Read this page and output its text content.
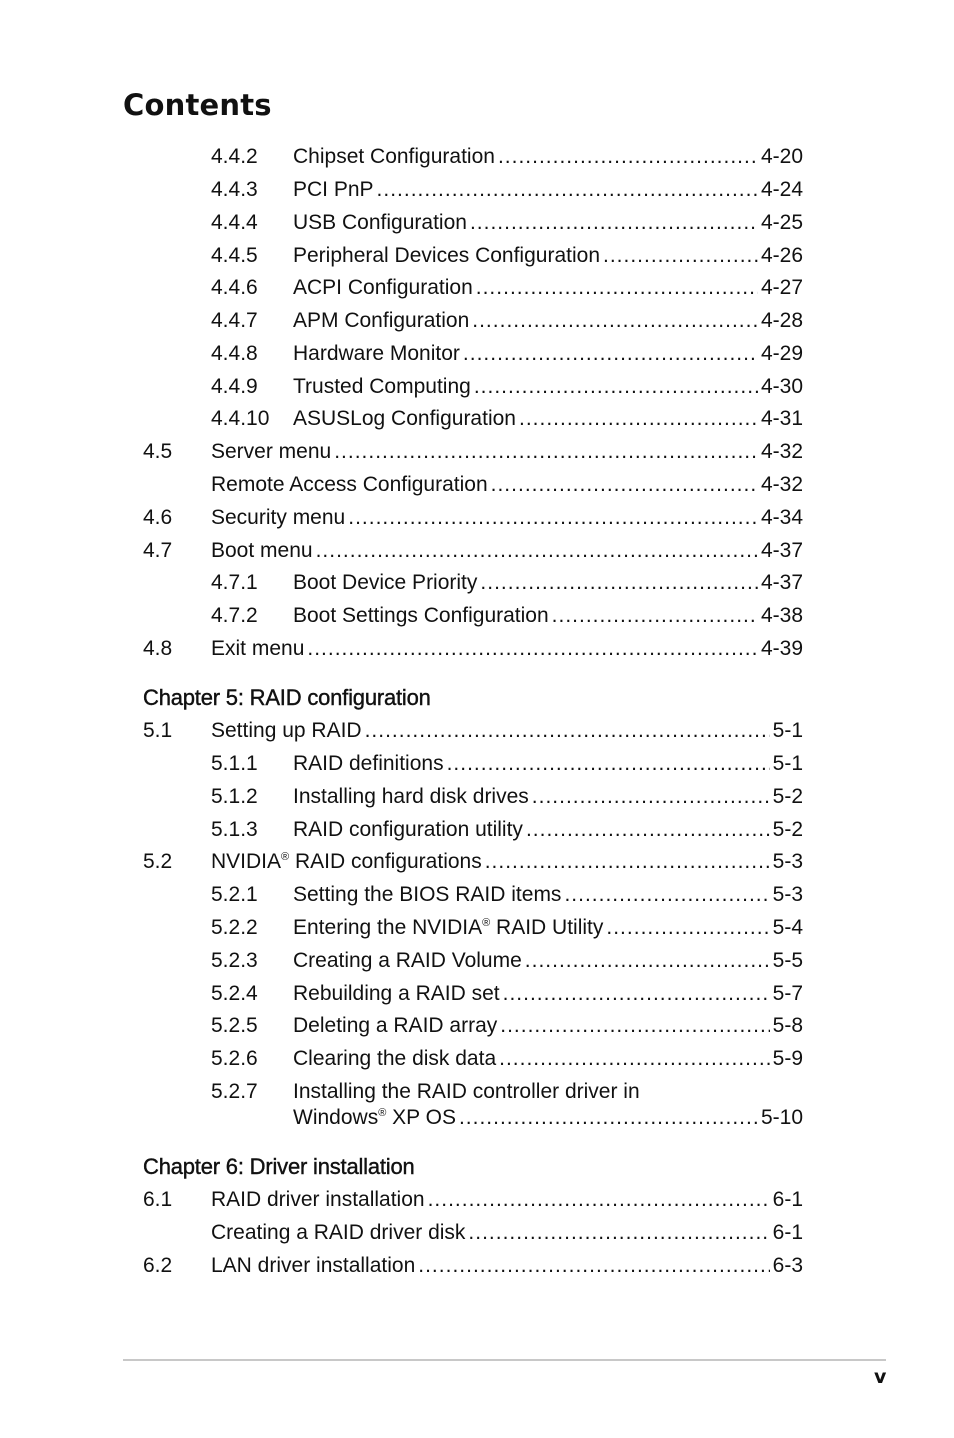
Contents
4.4.2 Chipset Configuration .....	4-20
4.4.3 PCI PnP .....	4-24
4.4.4 USB Configuration .....	4-25
4.4.5 Peripheral Devices Configuration .....	4-26
4.4.6 ACPI Configuration .....	4-27
4.4.7 APM Configuration .....	4-28
4.4.8 Hardware Monitor .....	4-29
4.4.9 Trusted Computing .....	4-30
4.4.10 ASUSLog Configuration .....	4-31
4.5 Server menu .....	4-32
Remote Access Configuration .....	4-32
4.6 Security menu .....	4-34
4.7 Boot menu .....	4-37
4.7.1 Boot Device Priority .....	4-37
4.7.2 Boot Settings Configuration .....	4-38
4.8 Exit menu .....	4-39
Chapter 5: RAID configuration
5.1 Setting up RAID .....	5-1
5.1.1 RAID definitions .....	5-1
5.1.2 Installing hard disk drives .....	5-2
5.1.3 RAID configuration utility .....	5-2
5.2 NVIDIA® RAID configurations .....	5-3
5.2.1 Setting the BIOS RAID items .....	5-3
5.2.2 Entering the NVIDIA® RAID Utility .....	5-4
5.2.3 Creating a RAID Volume .....	5-5
5.2.4 Rebuilding a RAID set .....	5-7
5.2.5 Deleting a RAID array .....	5-8
5.2.6 Clearing the disk data .....	5-9
5.2.7 Installing the RAID controller driver in
Windows® XP OS .....	5-10
Chapter 6: Driver installation
6.1 RAID driver installation .....	6-1
Creating a RAID driver disk .....	6-1
6.2 LAN driver installation .....	6-3
v
